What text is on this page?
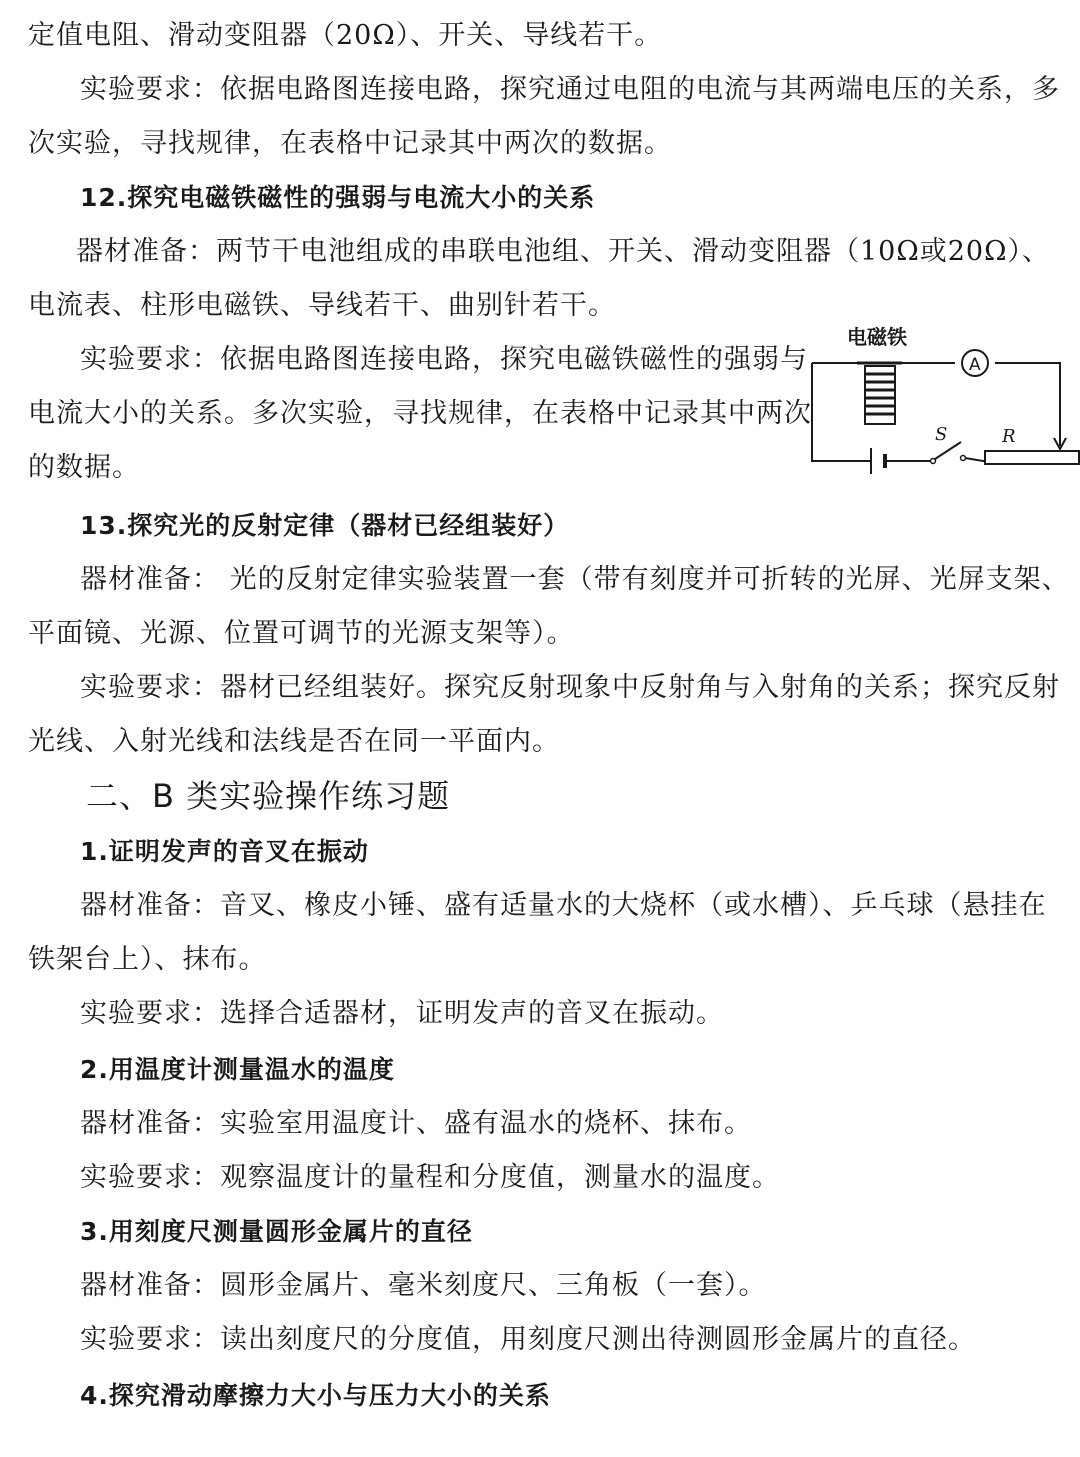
定值电阻、滑动变阻器（20Ω）、开关、导线若干。
实验要求：依据电路图连接电路，探究通过电阻的电流与其两端电压的关系，多
次实验，寻找规律，在表格中记录其中两次的数据。
12.探究电磁铁磁性的强弱与电流大小的关系
器材准备：两节干电池组成的串联电池组、开关、滑动变阻器（10Ω或20Ω）、
电流表、柱形电磁铁、导线若干、曲别针若干。
实验要求：依据电路图连接电路，探究电磁铁磁性的强弱与
电流大小的关系。多次实验，寻找规律，在表格中记录其中两次
的数据。
电磁铁
A
S	R
13.探究光的反射定律（器材已经组装好）
器材准备： 光的反射定律实验装置一套（带有刻度并可折转的光屏、光屏支架、
平面镜、光源、位置可调节的光源支架等）。
实验要求：器材已经组装好。探究反射现象中反射角与入射角的关系；探究反射
光线、入射光线和法线是否在同一平面内。
二、B 类实验操作练习题
1.证明发声的音叉在振动
器材准备：音叉、橡皮小锤、盛有适量水的大烧杯（或水槽）、乒乓球（悬挂在
铁架台上）、抹布。
实验要求：选择合适器材，证明发声的音叉在振动。
2.用温度计测量温水的温度
器材准备：实验室用温度计、盛有温水的烧杯、抹布。
实验要求：观察温度计的量程和分度值，测量水的温度。
3.用刻度尺测量圆形金属片的直径
器材准备：圆形金属片、毫米刻度尺、三角板（一套）。
实验要求：读出刻度尺的分度值，用刻度尺测出待测圆形金属片的直径。
4.探究滑动摩擦力大小与压力大小的关系
